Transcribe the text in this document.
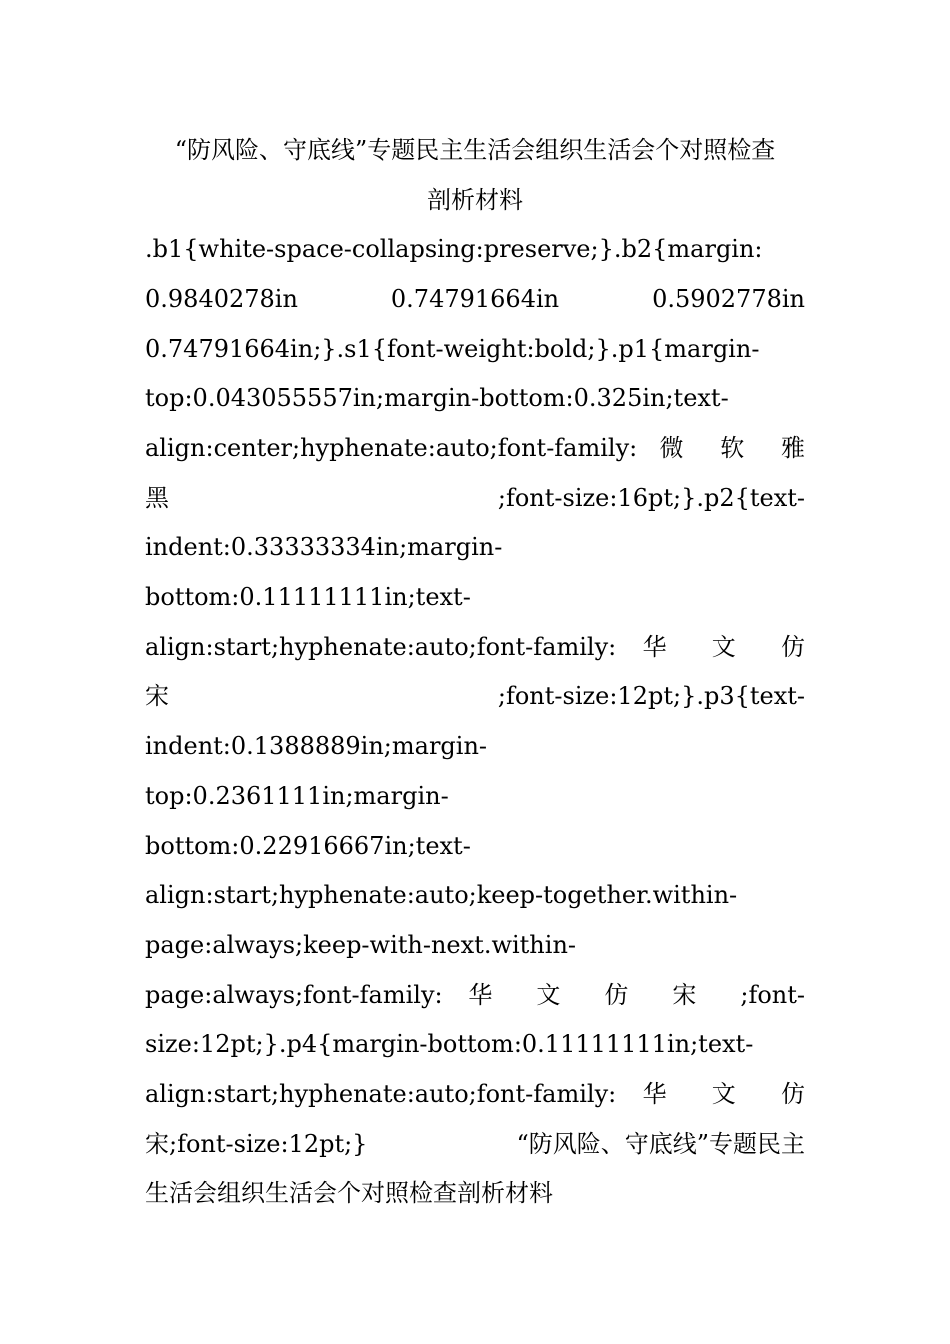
“防风险、守底线”专题民主生活会组织生活会个对照检查
剖析材料
.b1{white-space-collapsing:preserve;}.b2{margin:
0.9840278in 0.74791664in 0.5902778in
0.74791664in;}.s1{font-weight:bold;}.p1{margin-
top:0.043055557in;margin-bottom:0.325in;text-
align:center;hyphenate:auto;font-family: 微 软 雅
黑	;font-size:16pt;}.p2{text-
indent:0.33333334in;margin-
bottom:0.11111111in;text-
align:start;hyphenate:auto;font-family: 华 文 仿
宋	;font-size:12pt;}.p3{text-
indent:0.1388889in;margin-
top:0.2361111in;margin-
bottom:0.22916667in;text-
align:start;hyphenate:auto;keep-together.within-
page:always;keep-with-next.within-
page:always;font-family: 华 文 仿 宋 ;font-
size:12pt;}.p4{margin-bottom:0.11111111in;text-
align:start;hyphenate:auto;font-family: 华 文 仿
宋;font-size:12pt;}	“防风险、守底线”专题民主
生活会组织生活会个对照检查剖析材料
